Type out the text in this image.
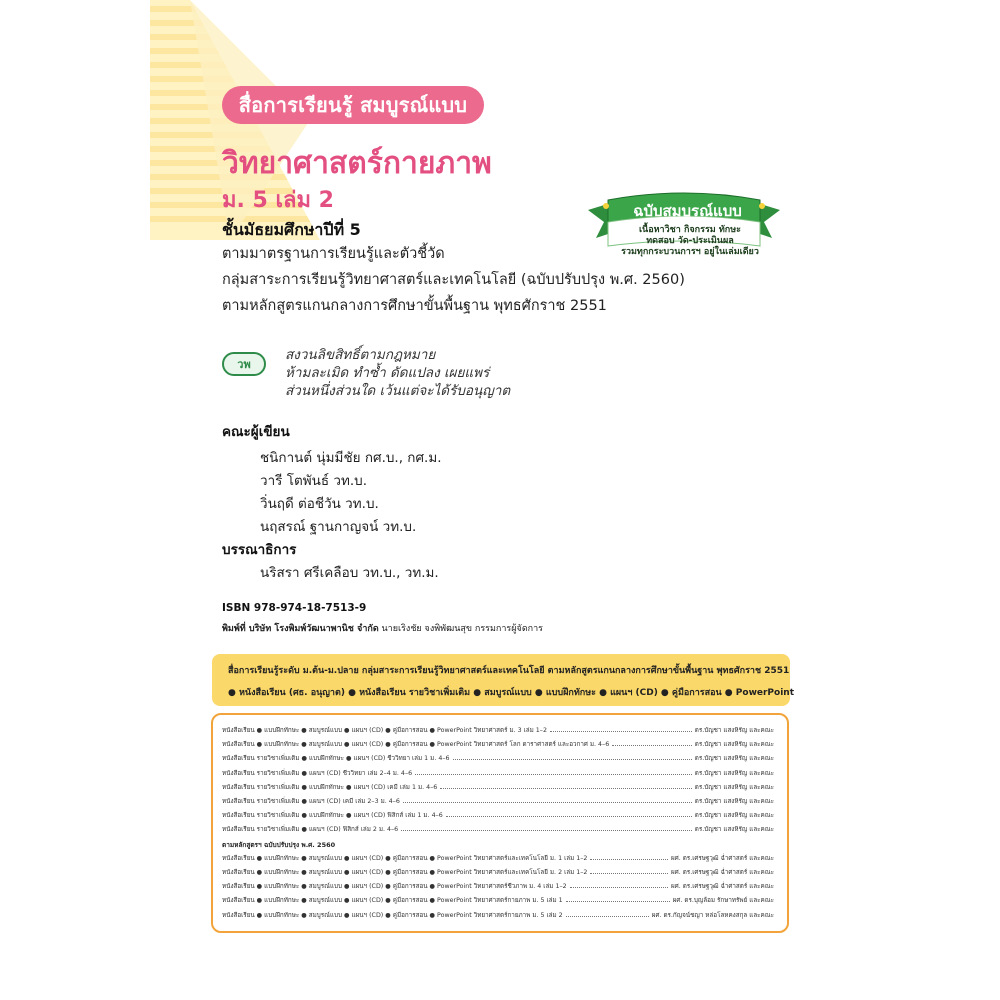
สื่อการเรียนรู้ สมบูรณ์แบบ
วิทยาศาสตร์กายภาพ
ม. 5 เล่ม 2
ชั้นมัธยมศึกษาปีที่ 5
ตามมาตรฐานการเรียนรู้และตัวชี้วัด
กลุ่มสาระการเรียนรู้วิทยาศาสตร์และเทคโนโลยี (ฉบับปรับปรุง พ.ศ. 2560)
ตามหลักสูตรแกนกลางการศึกษาขั้นพื้นฐาน พุทธศักราช 2551
ฉบับสมบูรณ์แบบ
เนื้อหาวิชา กิจกรรม ทักษะ
ทดสอบ วัด-ประเมินผล
รวมทุกกระบวนการฯ อยู่ในเล่มเดียว
วพ
สงวนลิขสิทธิ์ตามกฎหมาย
ห้ามละเมิด ทำซ้ำ ดัดแปลง เผยแพร่
ส่วนหนึ่งส่วนใด เว้นแต่จะได้รับอนุญาต
คณะผู้เขียน
ชนิกานต์ นุ่มมีชัย กศ.บ., กศ.ม.
วารี โตพันธ์ วท.บ.
วิ่นฤดี ต่อชีวัน วท.บ.
นฤสรณ์ ฐานกาญจน์ วท.บ.
บรรณาธิการ
นริสรา ศรีเคลือบ วท.บ., วท.ม.
ISBN 978-974-18-7513-9
พิมพ์ที่ บริษัท โรงพิมพ์วัฒนาพานิช จำกัด นายเริงชัย จงพิพัฒนสุข กรรมการผู้จัดการ
สื่อการเรียนรู้ระดับ ม.ต้น-ม.ปลาย กลุ่มสาระการเรียนรู้วิทยาศาสตร์และเทคโนโลยี ตามหลักสูตรแกนกลางการศึกษาขั้นพื้นฐาน พุทธศักราช 2551
● หนังสือเรียน (ศธ. อนุญาต) ● หนังสือเรียน รายวิชาเพิ่มเติม ● สมบูรณ์แบบ ● แบบฝึกทักษะ ● แผนฯ (CD) ● คู่มือการสอน ● PowerPoint
หนังสือเรียน ● แบบฝึกทักษะ ● สมบูรณ์แบบ ● แผนฯ (CD) ● คู่มือการสอน ● PowerPoint วิทยาศาสตร์ ม. 3 เล่ม 1–2	ดร.บัญชา แสงหิรัญ และคณะ
หนังสือเรียน ● แบบฝึกทักษะ ● สมบูรณ์แบบ ● แผนฯ (CD) ● คู่มือการสอน ● PowerPoint วิทยาศาสตร์ โลก ดาราศาสตร์ และอวกาศ ม. 4–6	ดร.บัญชา แสงหิรัญ และคณะ
หนังสือเรียน รายวิชาเพิ่มเติม ● แบบฝึกทักษะ ● แผนฯ (CD) ชีววิทยา เล่ม 1 ม. 4–6	ดร.บัญชา แสงหิรัญ และคณะ
หนังสือเรียน รายวิชาเพิ่มเติม ● แผนฯ (CD) ชีววิทยา เล่ม 2–4 ม. 4–6	ดร.บัญชา แสงหิรัญ และคณะ
หนังสือเรียน รายวิชาเพิ่มเติม ● แบบฝึกทักษะ ● แผนฯ (CD) เคมี เล่ม 1 ม. 4–6	ดร.บัญชา แสงหิรัญ และคณะ
หนังสือเรียน รายวิชาเพิ่มเติม ● แผนฯ (CD) เคมี เล่ม 2–3 ม. 4–6	ดร.บัญชา แสงหิรัญ และคณะ
หนังสือเรียน รายวิชาเพิ่มเติม ● แบบฝึกทักษะ ● แผนฯ (CD) ฟิสิกส์ เล่ม 1 ม. 4–6	ดร.บัญชา แสงหิรัญ และคณะ
หนังสือเรียน รายวิชาเพิ่มเติม ● แผนฯ (CD) ฟิสิกส์ เล่ม 2 ม. 4–6	ดร.บัญชา แสงหิรัญ และคณะ
ตามหลักสูตรฯ ฉบับปรับปรุง พ.ศ. 2560
หนังสือเรียน ● แบบฝึกทักษะ ● สมบูรณ์แบบ ● แผนฯ (CD) ● คู่มือการสอน ● PowerPoint วิทยาศาสตร์และเทคโนโลยี ม. 1 เล่ม 1–2	ผศ. ดร.เศรษฐวุฒิ ฉ่ำศาสตร์ และคณะ
หนังสือเรียน ● แบบฝึกทักษะ ● สมบูรณ์แบบ ● แผนฯ (CD) ● คู่มือการสอน ● PowerPoint วิทยาศาสตร์และเทคโนโลยี ม. 2 เล่ม 1–2	ผศ. ดร.เศรษฐวุฒิ ฉ่ำศาสตร์ และคณะ
หนังสือเรียน ● แบบฝึกทักษะ ● สมบูรณ์แบบ ● แผนฯ (CD) ● คู่มือการสอน ● PowerPoint วิทยาศาสตร์ชีวภาพ ม. 4 เล่ม 1–2	ผศ. ดร.เศรษฐวุฒิ ฉ่ำศาสตร์ และคณะ
หนังสือเรียน ● แบบฝึกทักษะ ● สมบูรณ์แบบ ● แผนฯ (CD) ● คู่มือการสอน ● PowerPoint วิทยาศาสตร์กายภาพ ม. 5 เล่ม 1	ผศ. ดร.บุญล้อม รักษาทรัพย์ และคณะ
หนังสือเรียน ● แบบฝึกทักษะ ● สมบูรณ์แบบ ● แผนฯ (CD) ● คู่มือการสอน ● PowerPoint วิทยาศาสตร์กายภาพ ม. 5 เล่ม 2	ผศ. ดร.กัญจน์ชญา หล่อโลหคงสกุล และคณะ
